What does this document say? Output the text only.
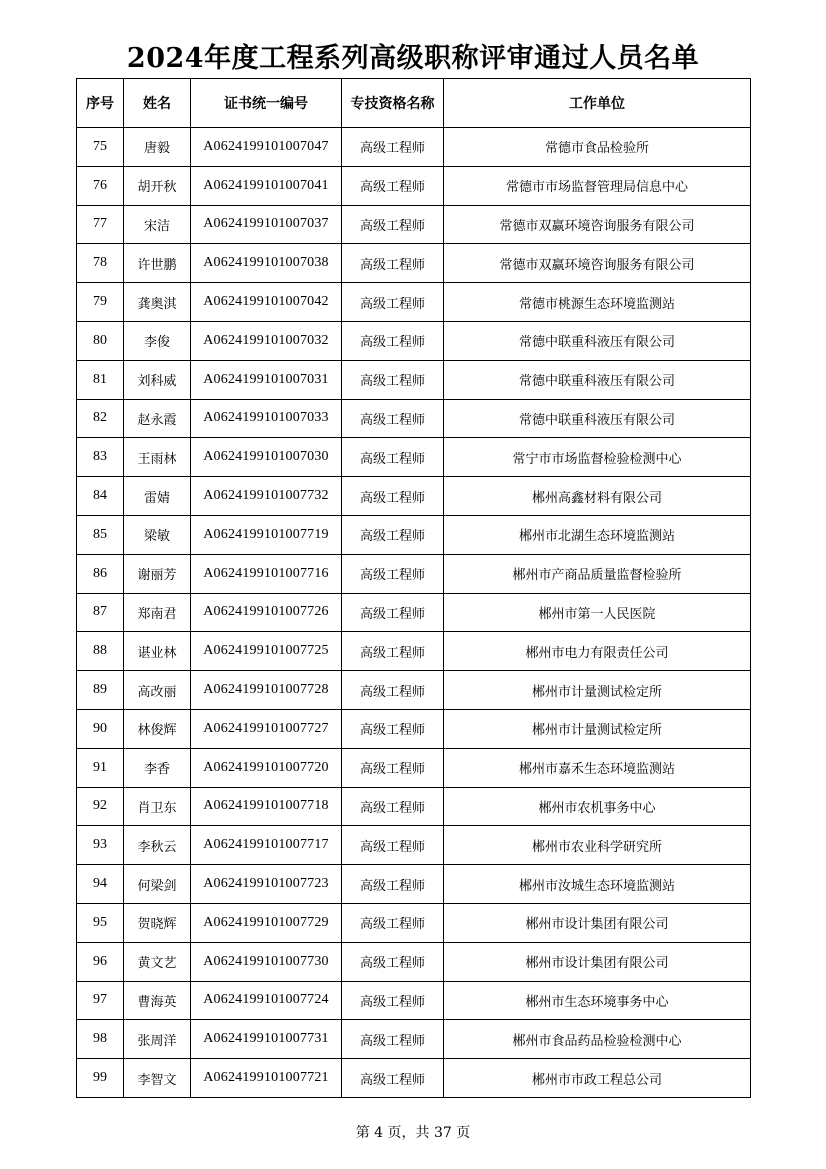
2024年度工程系列高级职称评审通过人员名单
序号	姓名	证书统一编号	专技资格名称	工作单位
75	唐毅	A0624199101007047	高级工程师	常德市食品检验所
76	胡开秋	A0624199101007041	高级工程师	常德市市场监督管理局信息中心
77	宋洁	A0624199101007037	高级工程师	常德市双赢环境咨询服务有限公司
78	许世鹏	A0624199101007038	高级工程师	常德市双赢环境咨询服务有限公司
79	龚奥淇	A0624199101007042	高级工程师	常德市桃源生态环境监测站
80	李俊	A0624199101007032	高级工程师	常德中联重科液压有限公司
81	刘科威	A0624199101007031	高级工程师	常德中联重科液压有限公司
82	赵永霞	A0624199101007033	高级工程师	常德中联重科液压有限公司
83	王雨林	A0624199101007030	高级工程师	常宁市市场监督检验检测中心
84	雷婧	A0624199101007732	高级工程师	郴州高鑫材料有限公司
85	梁敏	A0624199101007719	高级工程师	郴州市北湖生态环境监测站
86	谢丽芳	A0624199101007716	高级工程师	郴州市产商品质量监督检验所
87	郑南君	A0624199101007726	高级工程师	郴州市第一人民医院
88	谌业林	A0624199101007725	高级工程师	郴州市电力有限责任公司
89	高改丽	A0624199101007728	高级工程师	郴州市计量测试检定所
90	林俊辉	A0624199101007727	高级工程师	郴州市计量测试检定所
91	李香	A0624199101007720	高级工程师	郴州市嘉禾生态环境监测站
92	肖卫东	A0624199101007718	高级工程师	郴州市农机事务中心
93	李秋云	A0624199101007717	高级工程师	郴州市农业科学研究所
94	何梁剑	A0624199101007723	高级工程师	郴州市汝城生态环境监测站
95	贺晓辉	A0624199101007729	高级工程师	郴州市设计集团有限公司
96	黄文艺	A0624199101007730	高级工程师	郴州市设计集团有限公司
97	曹海英	A0624199101007724	高级工程师	郴州市生态环境事务中心
98	张周洋	A0624199101007731	高级工程师	郴州市食品药品检验检测中心
99	李智文	A0624199101007721	高级工程师	郴州市市政工程总公司
第 4 页，共 37 页
